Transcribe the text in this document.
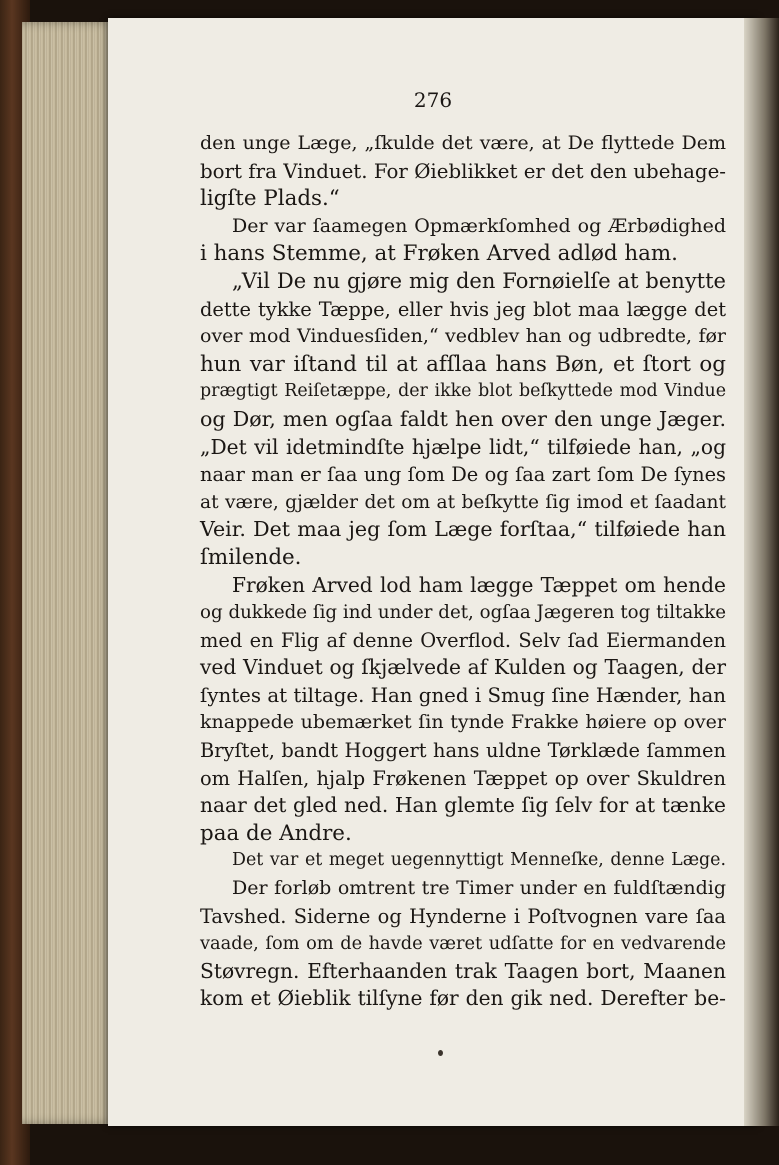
276
den unge Læge, „ſkulde det være, at De flyttede Dem
bort fra Vinduet. For Øieblikket er det den ubehage-
ligſte Plads.“
Der var ſaamegen Opmærkſomhed og Ærbødighed
i hans Stemme, at Frøken Arved adlød ham.
„Vil De nu gjøre mig den Fornøielſe at benytte
dette tykke Tæppe, eller hvis jeg blot maa lægge det
over mod Vinduesſiden,“ vedblev han og udbredte, før
hun var iſtand til at afſlaa hans Bøn, et ſtort og
prægtigt Reiſetæppe, der ikke blot beſkyttede mod Vindue
og Dør, men ogſaa faldt hen over den unge Jæger.
„Det vil idetmindſte hjælpe lidt,“ tilføiede han, „og
naar man er ſaa ung ſom De og ſaa zart ſom De ſynes
at være, gjælder det om at beſkytte ſig imod et ſaadant
Veir. Det maa jeg ſom Læge forſtaa,“ tilføiede han
ſmilende.
Frøken Arved lod ham lægge Tæppet om hende
og dukkede ſig ind under det, ogſaa Jægeren tog tiltakke
med en Flig af denne Overflod. Selv ſad Eiermanden
ved Vinduet og ſkjælvede af Kulden og Taagen, der
ſyntes at tiltage. Han gned i Smug ſine Hænder, han
knappede ubemærket ſin tynde Frakke høiere op over
Bryſtet, bandt Hoggert hans uldne Tørklæde ſammen
om Halſen, hjalp Frøkenen Tæppet op over Skuldren
naar det gled ned. Han glemte ſig ſelv for at tænke
paa de Andre.
Det var et meget uegennyttigt Menneſke, denne Læge.
Der forløb omtrent tre Timer under en fuldſtændig
Tavshed. Siderne og Hynderne i Poſtvognen vare ſaa
vaade, ſom om de havde været udſatte for en vedvarende
Støvregn. Efterhaanden trak Taagen bort, Maanen
kom et Øieblik tilſyne før den gik ned. Derefter be-
